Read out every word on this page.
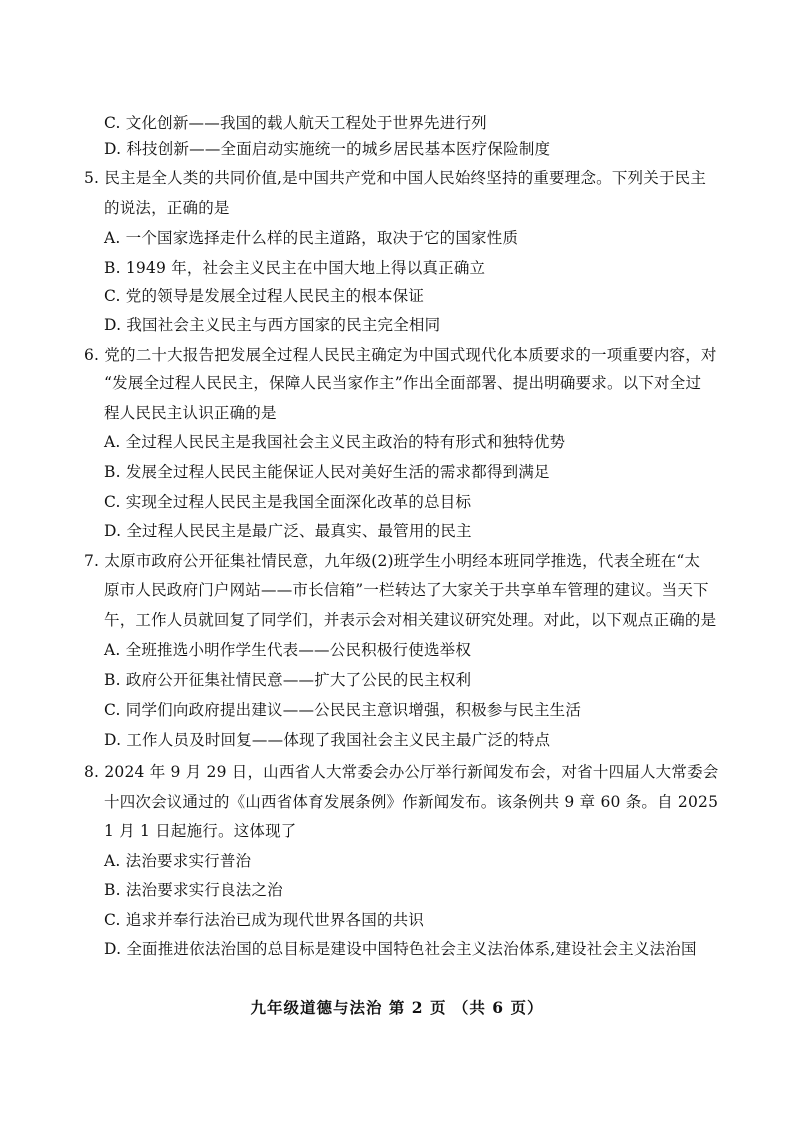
C. 文化创新——我国的载人航天工程处于世界先进行列
D. 科技创新——全面启动实施统一的城乡居民基本医疗保险制度
5. 民主是全人类的共同价值,是中国共产党和中国人民始终坚持的重要理念。下列关于民主
的说法，正确的是
A. 一个国家选择走什么样的民主道路，取决于它的国家性质
B. 1949 年，社会主义民主在中国大地上得以真正确立
C. 党的领导是发展全过程人民民主的根本保证
D. 我国社会主义民主与西方国家的民主完全相同
6. 党的二十大报告把发展全过程人民民主确定为中国式现代化本质要求的一项重要内容，对
“发展全过程人民民主，保障人民当家作主”作出全面部署、提出明确要求。以下对全过
程人民民主认识正确的是
A. 全过程人民民主是我国社会主义民主政治的特有形式和独特优势
B. 发展全过程人民民主能保证人民对美好生活的需求都得到满足
C. 实现全过程人民民主是我国全面深化改革的总目标
D. 全过程人民民主是最广泛、最真实、最管用的民主
7. 太原市政府公开征集社情民意，九年级(2)班学生小明经本班同学推选，代表全班在“太
原市人民政府门户网站——市长信箱”一栏转达了大家关于共享单车管理的建议。当天下
午，工作人员就回复了同学们，并表示会对相关建议研究处理。对此，以下观点正确的是
A. 全班推选小明作学生代表——公民积极行使选举权
B. 政府公开征集社情民意——扩大了公民的民主权利
C. 同学们向政府提出建议——公民民主意识增强，积极参与民主生活
D. 工作人员及时回复——体现了我国社会主义民主最广泛的特点
8. 2024 年 9 月 29 日，山西省人大常委会办公厅举行新闻发布会，对省十四届人大常委会
十四次会议通过的《山西省体育发展条例》作新闻发布。该条例共 9 章 60 条。自 2025
1 月 1 日起施行。这体现了
A. 法治要求实行普治
B. 法治要求实行良法之治
C. 追求并奉行法治已成为现代世界各国的共识
D. 全面推进依法治国的总目标是建设中国特色社会主义法治体系,建设社会主义法治国
九年级道德与法治 第 2 页 （共 6 页）
